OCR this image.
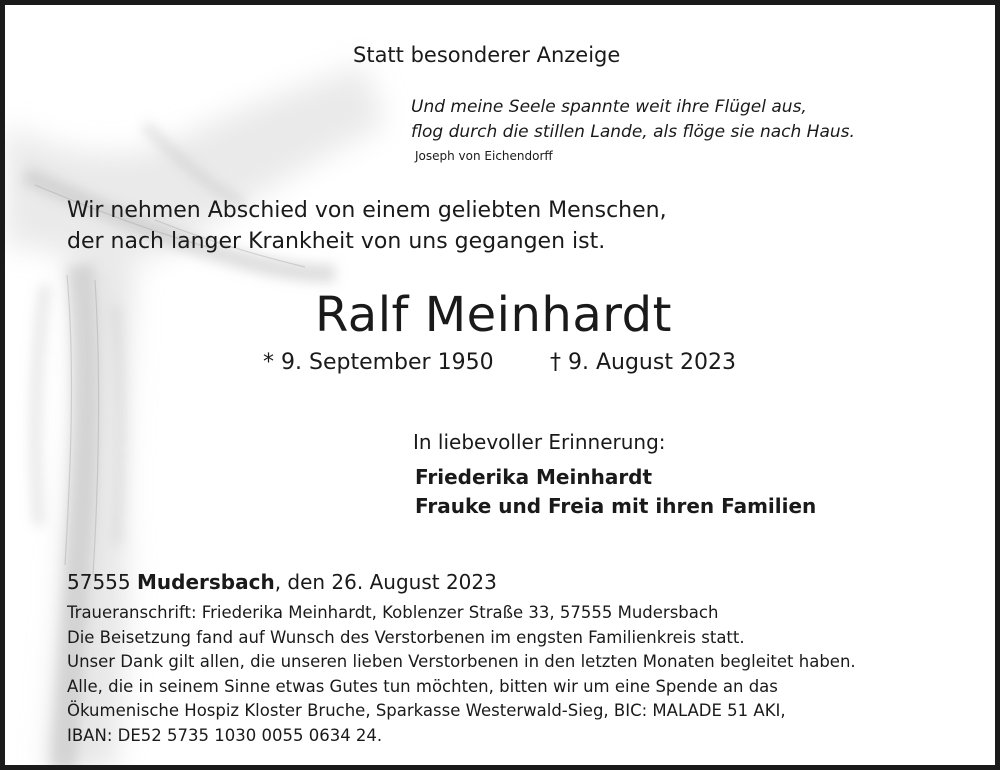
Statt besonderer Anzeige
Und meine Seele spannte weit ihre Flügel aus,
flog durch die stillen Lande, als flöge sie nach Haus.
Joseph von Eichendorff
Wir nehmen Abschied von einem geliebten Menschen,
der nach langer Krankheit von uns gegangen ist.
Ralf Meinhardt
* 9. September 1950	† 9. August 2023
In liebevoller Erinnerung:
Friederika Meinhardt
Frauke und Freia mit ihren Familien
57555 Mudersbach, den 26. August 2023
Traueranschrift: Friederika Meinhardt, Koblenzer Straße 33, 57555 Mudersbach
Die Beisetzung fand auf Wunsch des Verstorbenen im engsten Familienkreis statt.
Unser Dank gilt allen, die unseren lieben Verstorbenen in den letzten Monaten begleitet haben.
Alle, die in seinem Sinne etwas Gutes tun möchten, bitten wir um eine Spende an das
Ökumenische Hospiz Kloster Bruche, Sparkasse Westerwald-Sieg, BIC: MALADE 51 AKI,
IBAN: DE52 5735 1030 0055 0634 24.
